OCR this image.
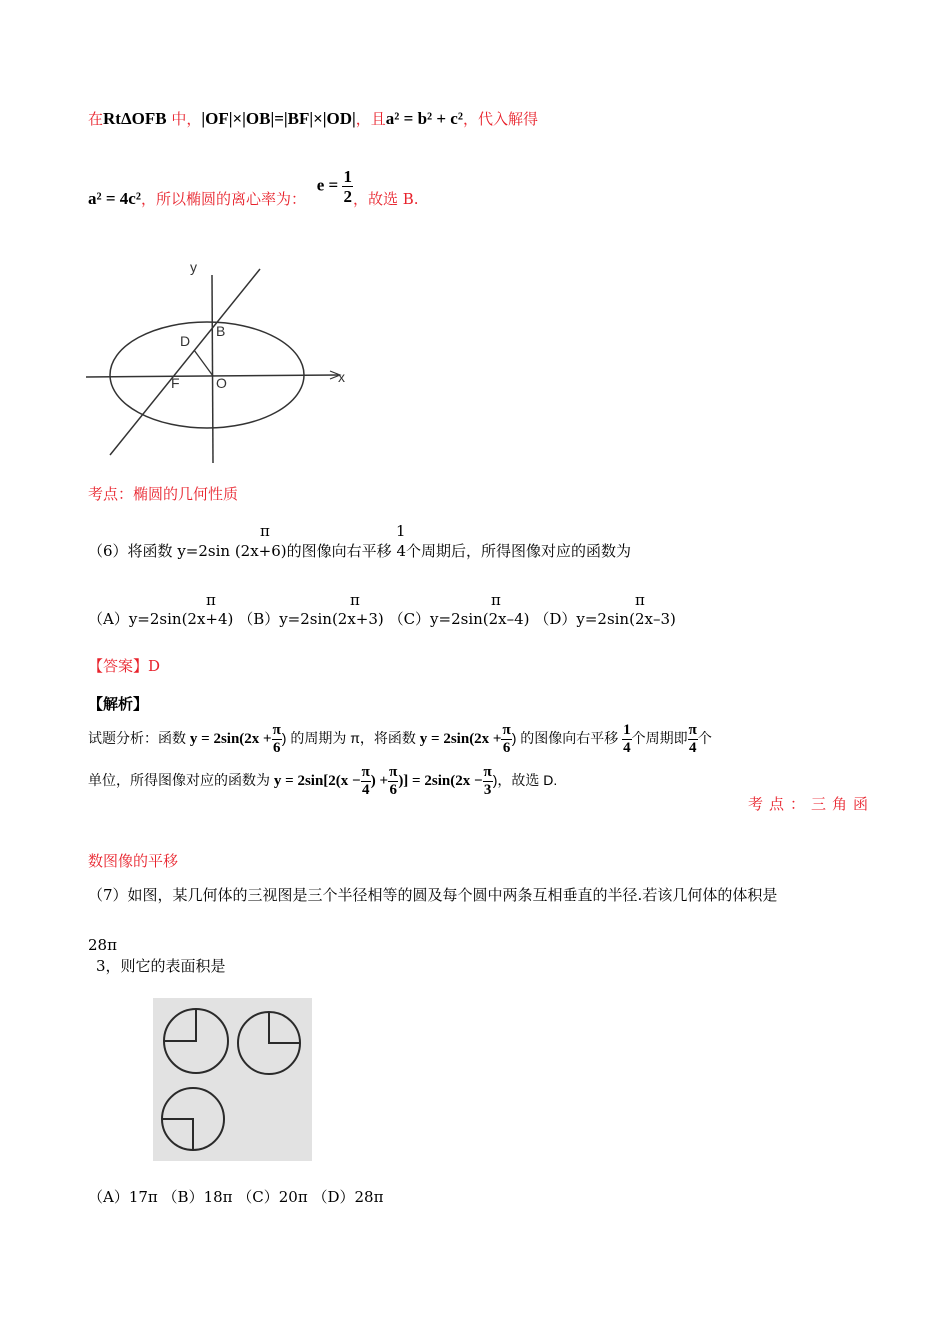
在RtΔOFB 中，|OF|×|OB|=|BF|×|OD|，且a² = b² + c²，代入解得
a² = 4c²，所以椭圆的离心率为： $e = \frac{1}{2}$ ，故选 B.
y
x
B
D
F	O
考点：椭圆的几何性质
π	1
（6）将函数 y=2sin (2x+6)的图像向右平移 4个周期后，所得图像对应的函数为
π	π	π	π
（A）y=2sin(2x+4) （B）y=2sin(2x+3) （C）y=2sin(2x–4) （D）y=2sin(2x–3)
【答案】D
【解析】
试题分析：函数 $y = 2\sin(2x + \frac{\pi}{6}$ ) 的周期为 π，将函数 $y = 2\sin(2x + \frac{\pi}{6}$ ) 的图像向右平移 $\frac{1}{4}$ 个周期即 $\frac{\pi}{4}$ 个
单位，所得图像对应的函数为 $y = 2\sin[2(x - \frac{\pi}{4}$ ) + $\frac{\pi}{6}$ )] = $2\sin(2x - \frac{\pi}{3}$ )，故选 D.
考点：三角函
数图像的平移
（7）如图，某几何体的三视图是三个半径相等的圆及每个圆中两条互相垂直的半径.若该几何体的体积是
28π
3，则它的表面积是
（A）17π （B）18π （C）20π （D）28π
